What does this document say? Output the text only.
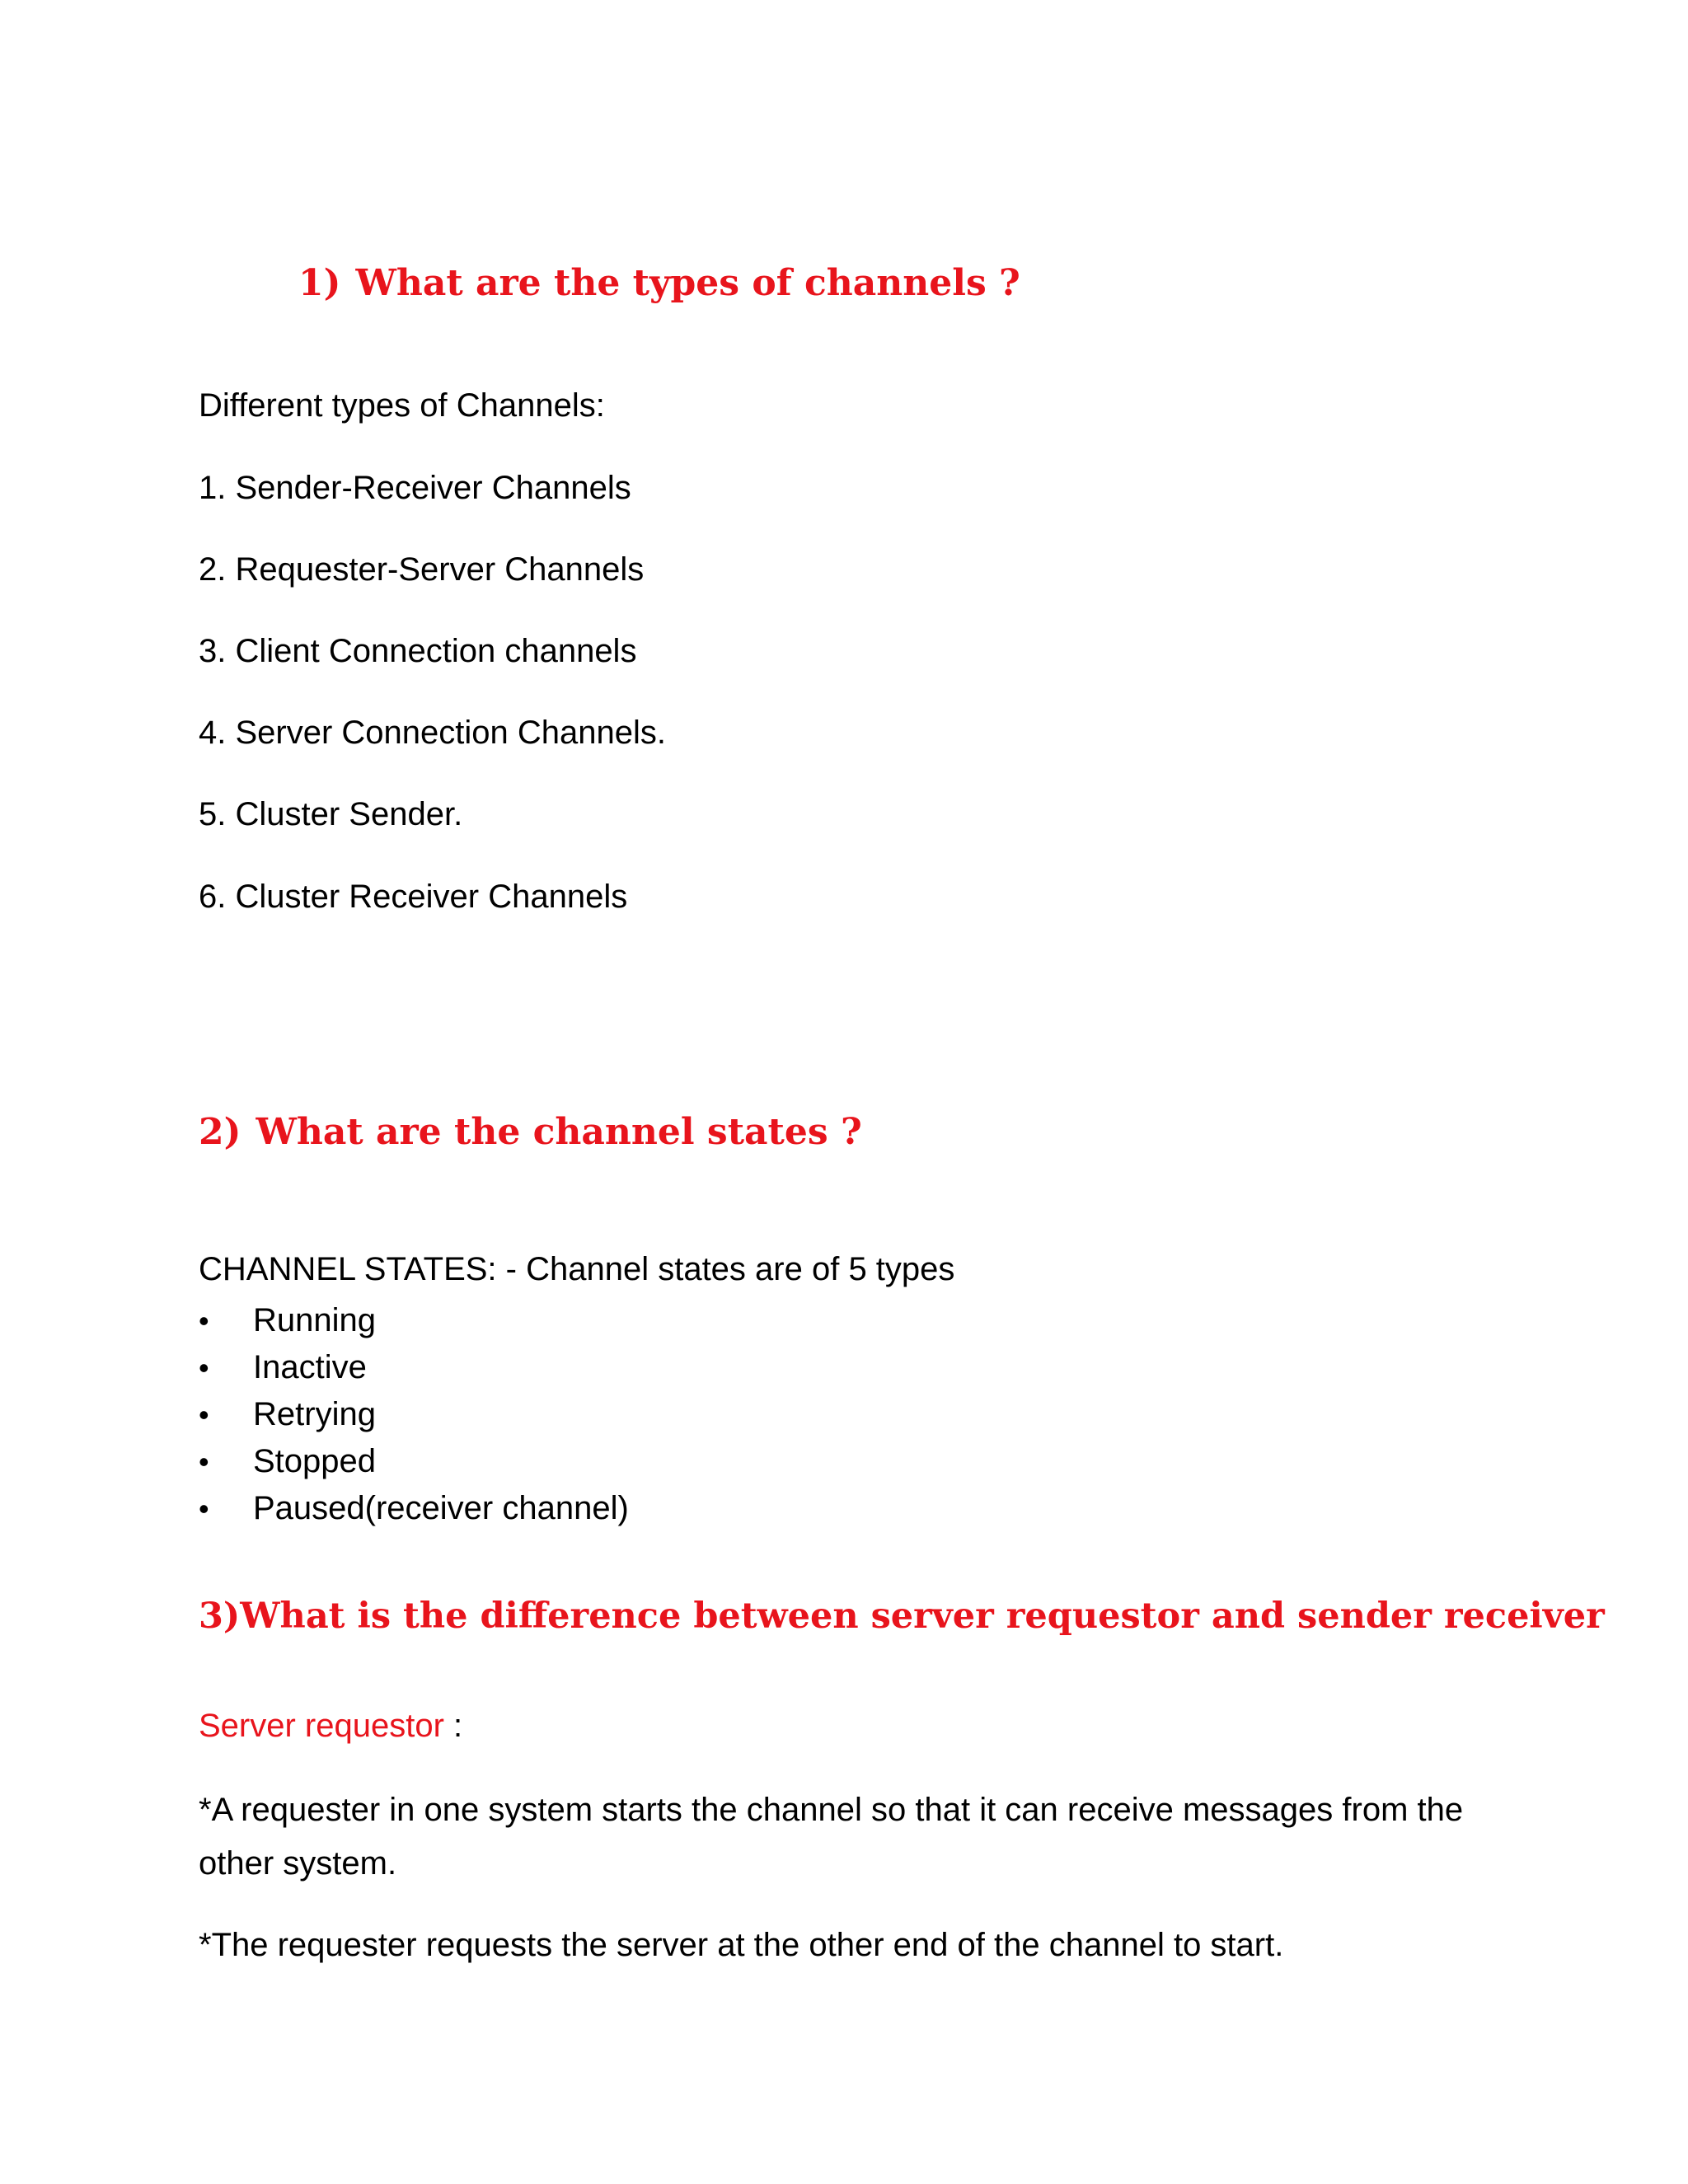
1) What are the types of channels ?

Different types of Channels:

1. Sender-Receiver Channels

2. Requester-Server Channels

3. Client Connection channels

4. Server Connection Channels.

5. Cluster Sender.

6. Cluster Receiver Channels

2) What are the channel states ?

CHANNEL STATES: - Channel states are of 5 types

• Running
• Inactive
• Retrying
• Stopped
• Paused(receiver channel)
3)What is the difference between server requestor and sender receiver

Server requestor :

*A requester in one system starts the channel so that it can receive messages from the other system.

*The requester requests the server at the other end of the channel to start.
